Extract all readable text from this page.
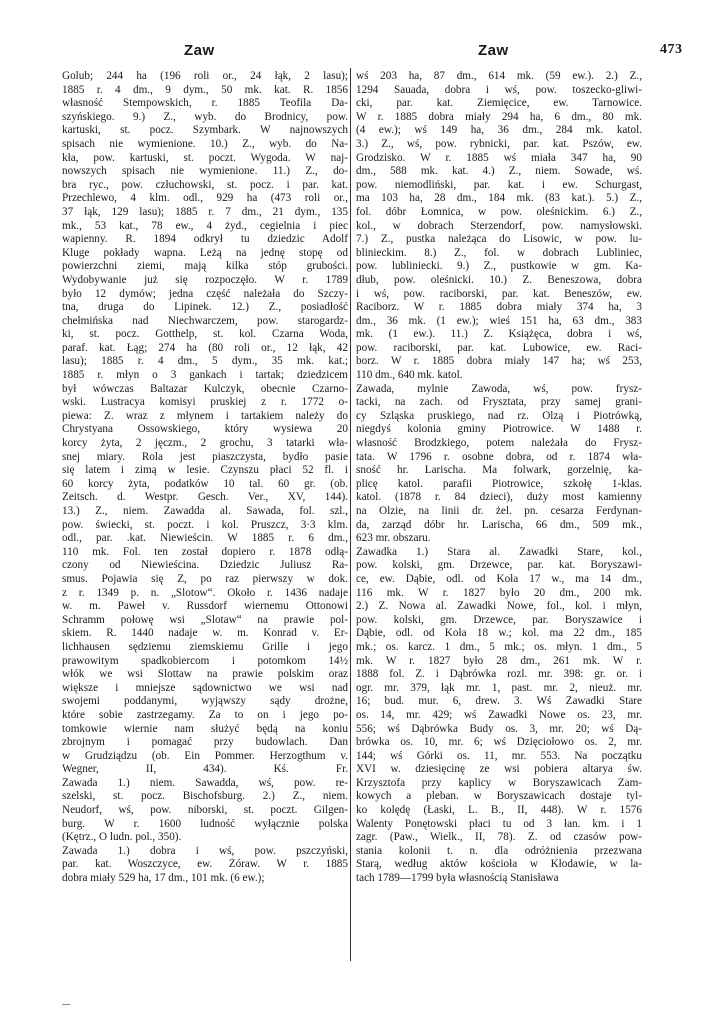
Zaw	Zaw	473
Golub; 244 ha (196 roli or., 24 łąk, 2 lasu);
1885 r. 4 dm., 9 dym., 50 mk. kat. R. 1856
własność Stempowskich, r. 1885 Teofila Da-
szyńskiego. 9.) Z., wyb. do Brodnicy, pow.
kartuski, st. pocz. Szymbark. W najnowszych
spisach nie wymienione. 10.) Z., wyb. do Na-
kła, pow. kartuski, st. poczt. Wygoda. W naj-
nowszych spisach nie wymienione. 11.) Z., do-
bra ryc., pow. człuchowski, st. pocz. i par. kat.
Przechlewo, 4 klm. odl., 929 ha (473 roli or.,
37 łąk, 129 lasu); 1885 r. 7 dm., 21 dym., 135
mk., 53 kat., 78 ew., 4 żyd., cegielnia i piec
wapienny. R. 1894 odkrył tu dziedzic Adolf
Kluge pokłady wapna. Leżą na jednę stopę od
powierzchni ziemi, mają kilka stóp grubości.
Wydobywanie już się rozpoczęło. W r. 1789
było 12 dymów; jedna część należała do Szczy-
tna, druga do Lipinek. 12.) Z., posiadłość
chełmińska nad Niechwarczem, pow. starogardz-
ki, st. pocz. Gotthelp, st. kol. Czarna Woda,
paraf. kat. Łąg; 274 ha (80 roli or., 12 łąk, 42
lasu); 1885 r. 4 dm., 5 dym., 35 mk. kat.;
1885 r. młyn o 3 gankach i tartak; dziedzicem
był wówczas Baltazar Kulczyk, obecnie Czarno-
wski. Lustracya komisyi pruskiej z r. 1772 o-
piewa: Z. wraz z młynem i tartakiem należy do
Chrystyana Ossowskiego, który wysiewa 20
korcy żyta, 2 jęczm., 2 grochu, 3 tatarki wła-
snej miary. Rola jest piaszczysta, bydło pasie
się latem i zimą w lesie. Czynszu płaci 52 fl. i
60 korcy żyta, podatków 10 tal. 60 gr. (ob.
Zeitsch. d. Westpr. Gesch. Ver., XV, 144).
13.) Z., niem. Zawadda al. Sawada, fol. szl.,
pow. świecki, st. poczt. i kol. Pruszcz, 3·3 klm.
odl., par. .kat. Niewieścin. W 1885 r. 6 dm.,
110 mk. Fol. ten został dopiero r. 1878 odłą-
czony od Niewieścina. Dziedzic Juliusz Ra-
smus. Pojawia się Z, po raz pierwszy w dok.
z r. 1349 p. n. „Slotow“. Około r. 1436 nadaje
w. m. Paweł v. Russdorf wiernemu Ottonowi
Schramm połowę wsi „Slotaw“ na prawie pol-
skiem. R. 1440 nadaje w. m. Konrad v. Er-
lichhausen sędziemu ziemskiemu Grille i jego
prawowitym spadkobiercom i potomkom 14½
włók we wsi Slottaw na prawie polskim oraz
większe i mniejsze sądownictwo we wsi nad
swojemi poddanymi, wyjąwszy sądy drożne,
które sobie zastrzegamy. Za to on i jego po-
tomkowie wiernie nam służyć będą na koniu
zbrojnym i pomagać przy budowlach. Dan
w Grudziądzu (ob. Ein Pommer. Herzogthum v.
Wegner, II, 434). Kś. Fr.
Zawada 1.) niem. Sawadda, wś, pow. re-
szelski, st. pocz. Bischofsburg. 2.) Z., niem.
Neudorf, wś, pow. niborski, st. poczt. Gilgen-
burg. W r. 1600 ludność wyłącznie polska
(Kętrz., O ludn. pol., 350).
Zawada 1.) dobra i wś, pow. pszczyński,
par. kat. Woszczyce, ew. Żóraw. W r. 1885
dobra miały 529 ha, 17 dm., 101 mk. (6 ew.);
wś 203 ha, 87 dm., 614 mk. (59 ew.). 2.) Z.,
1294 Sauada, dobra i wś, pow. toszecko-gliwi-
cki, par. kat. Ziemięcice, ew. Tarnowice.
W r. 1885 dobra miały 294 ha, 6 dm., 80 mk.
(4 ew.); wś 149 ha, 36 dm., 284 mk. katol.
3.) Z., wś, pow. rybnicki, par. kat. Pszów, ew.
Grodzisko. W r. 1885 wś miała 347 ha, 90
dm., 588 mk. kat. 4.) Z., niem. Sowade, wś.
pow. niemodliński, par. kat. i ew. Schurgast,
ma 103 ha, 28 dm., 184 mk. (83 kat.). 5.) Z.,
fol. dóbr Łomnica, w pow. oleśnickim. 6.) Z.,
kol., w dobrach Sterzendorf, pow. namysłowski.
7.) Z., pustka należąca do Lisowic, w pow. lu-
blinieckim. 8.) Z., fol. w dobrach Lubliniec,
pow. lubliniecki. 9.) Z., pustkowie w gm. Ka-
dłub, pow. oleśnicki. 10.) Z. Beneszowa, dobra
i wś, pow. raciborski, par. kat. Beneszów, ew.
Raciborz. W r. 1885 dobra miały 374 ha, 3
dm., 36 mk. (1 ew.); wieś 151 ha, 63 dm., 383
mk. (1 ew.). 11.) Z. Książęca, dobra i wś,
pow. raciborski, par. kat. Lubowice, ew. Raci-
borz. W r. 1885 dobra miały 147 ha; wś 253,
110 dm., 640 mk. katol.
Zawada, mylnie Zawoda, wś, pow. frysz-
tacki, na zach. od Frysztata, przy samej grani-
cy Szląska pruskiego, nad rz. Olzą i Piotrówką,
niegdyś kolonia gminy Piotrowice. W 1488 r.
własność Brodzkiego, potem należała do Frysz-
tata. W 1796 r. osobne dobra, od r. 1874 wła-
sność hr. Larischa. Ma folwark, gorzelnię, ka-
plicę katol. parafii Piotrowice, szkołę 1-klas.
katol. (1878 r. 84 dzieci), duży most kamienny
na Olzie, na linii dr. żel. pn. cesarza Ferdynan-
da, zarząd dóbr hr. Larischa, 66 dm., 509 mk.,
623 mr. obszaru.
Zawadka 1.) Stara al. Zawadki Stare, kol.,
pow. kolski, gm. Drzewce, par. kat. Boryszawi-
ce, ew. Dąbie, odl. od Koła 17 w., ma 14 dm.,
116 mk. W r. 1827 było 20 dm., 200 mk.
2.) Z. Nowa al. Zawadki Nowe, fol., kol. i młyn,
pow. kolski, gm. Drzewce, par. Boryszawice i
Dąbie, odl. od Koła 18 w.; kol. ma 22 dm., 185
mk.; os. karcz. 1 dm., 5 mk.; os. młyn. 1 dm., 5
mk. W r. 1827 było 28 dm., 261 mk. W r.
1888 fol. Z. i Dąbrówka rozl. mr. 398: gr. or. i
ogr. mr. 379, łąk mr. 1, past. mr. 2, nieuż. mr.
16; bud. mur. 6, drew. 3. Wś Zawadki Stare
os. 14, mr. 429; wś Zawadki Nowe os. 23, mr.
556; wś Dąbrówka Budy os. 3, mr. 20; wś Dą-
brówka os. 10, mr. 6; wś Dzięciołowo os. 2, mr.
144; wś Górki os. 11, mr. 553. Na początku
XVI w. dziesięcinę ze wsi pobiera altarya św.
Krzysztofa przy kaplicy w Boryszawicach Zam-
kowych a pleban. w Boryszawicach dostaje tyl-
ko kolędę (Łaski, L. B., II, 448). W r. 1576
Walenty Ponętowski płaci tu od 3 łan. km. i 1
zagr. (Paw., Wielk., II, 78). Z. od czasów pow-
stania kolonii t. n. dla odróżnienia przezwana
Starą, według aktów kościoła w Kłodawie, w la-
tach 1789—1799 była własnością Stanisława
